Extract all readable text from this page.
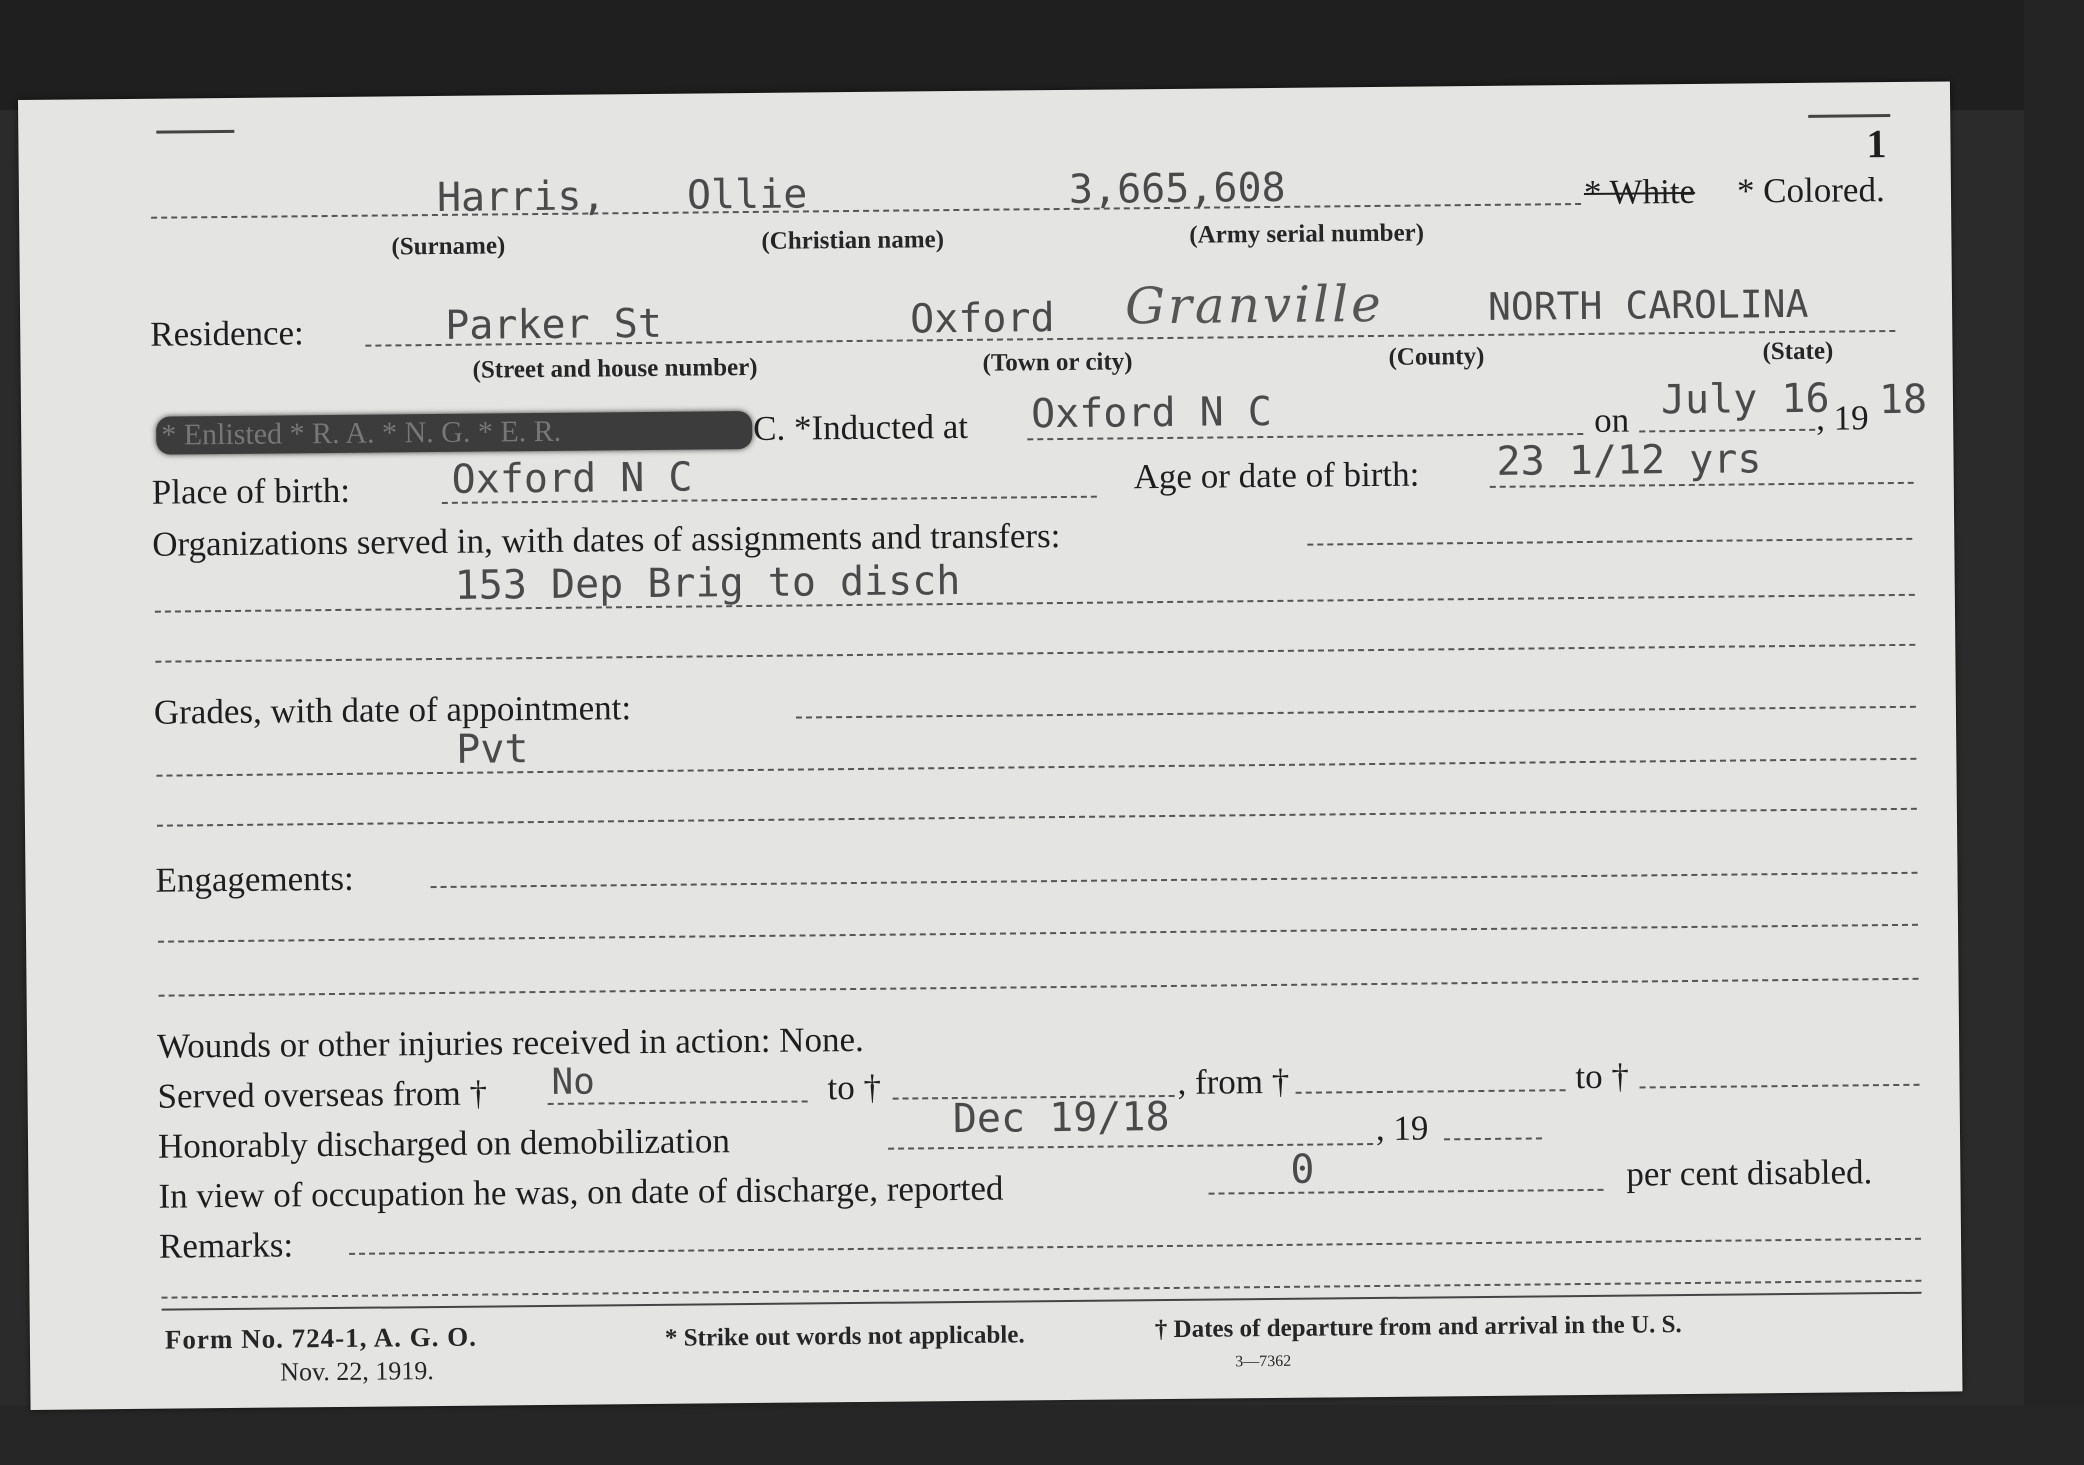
1
Harris, Ollie	3,665,608	* White * Colored.
(Surname)	(Christian name)	(Army serial number)
Residence:	Parker St	Oxford Granville	NORTH CAROLINA
(Street and house number)	(Town or city)	(County)	(State)
* Enlisted * R. A. * N. G. * E. R.	C. *Inducted at Oxford N C	on July 16
, 19 18
Place of birth:	Oxford N C	Age or date of birth: 23 1/12 yrs
Organizations served in, with dates of assignments and transfers:
153 Dep Brig to disch
Grades, with date of appointment:
Pvt
Engagements:
Wounds or other injuries received in action: None.
Served overseas from † No	to †	, from †	to †
Honorably discharged on demobilization
Dec 19/18	, 19
In view of occupation he was, on date of discharge, reported	0	per cent disabled.
Remarks:
Form No. 724-1, A. G. O.
Nov. 22, 1919.
* Strike out words not applicable.	† Dates of departure from and arrival in the U. S.
3—7362
